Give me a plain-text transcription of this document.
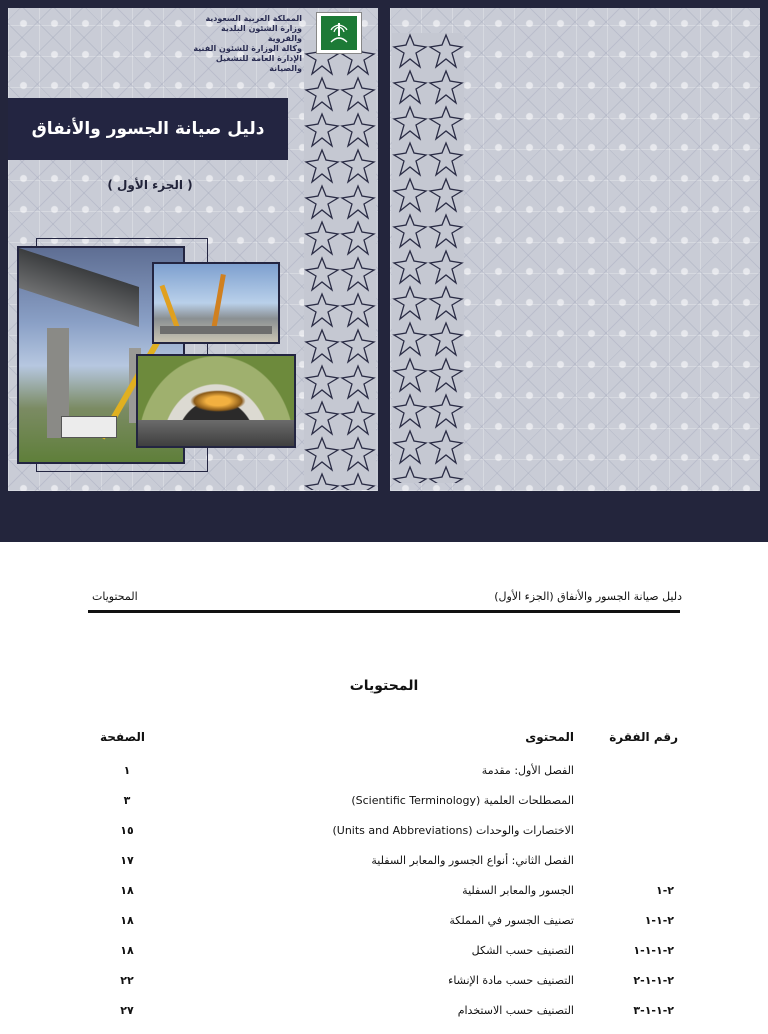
المملكة العربية السعودية
وزارة الشئون البلدية والقروية
وكالة الوزارة للشئون الفنية
الإدارة العامة للتشغيل والصيانة
دليل صيانة الجسور والأنفاق
( الجزء الأول )
دليل صيانة الجسور والأنفاق (الجزء الأول)
المحتويات
المحتويات
رقم الفقرة
المحتوى
الصفحة
الفصل الأول: مقدمة
١
المصطلحات العلمية (Scientific Terminology)
٣
الاختصارات والوحدات (Units and Abbreviations)
١٥
الفصل الثاني: أنواع الجسور والمعابر السفلية
١٧
٢-١
الجسور والمعابر السفلية
١٨
٢-١-١
تصنيف الجسور في المملكة
١٨
٢-١-١-١
التصنيف حسب الشكل
١٨
٢-١-١-٢
التصنيف حسب مادة الإنشاء
٢٢
٢-١-١-٣
التصنيف حسب الاستخدام
٢٧
